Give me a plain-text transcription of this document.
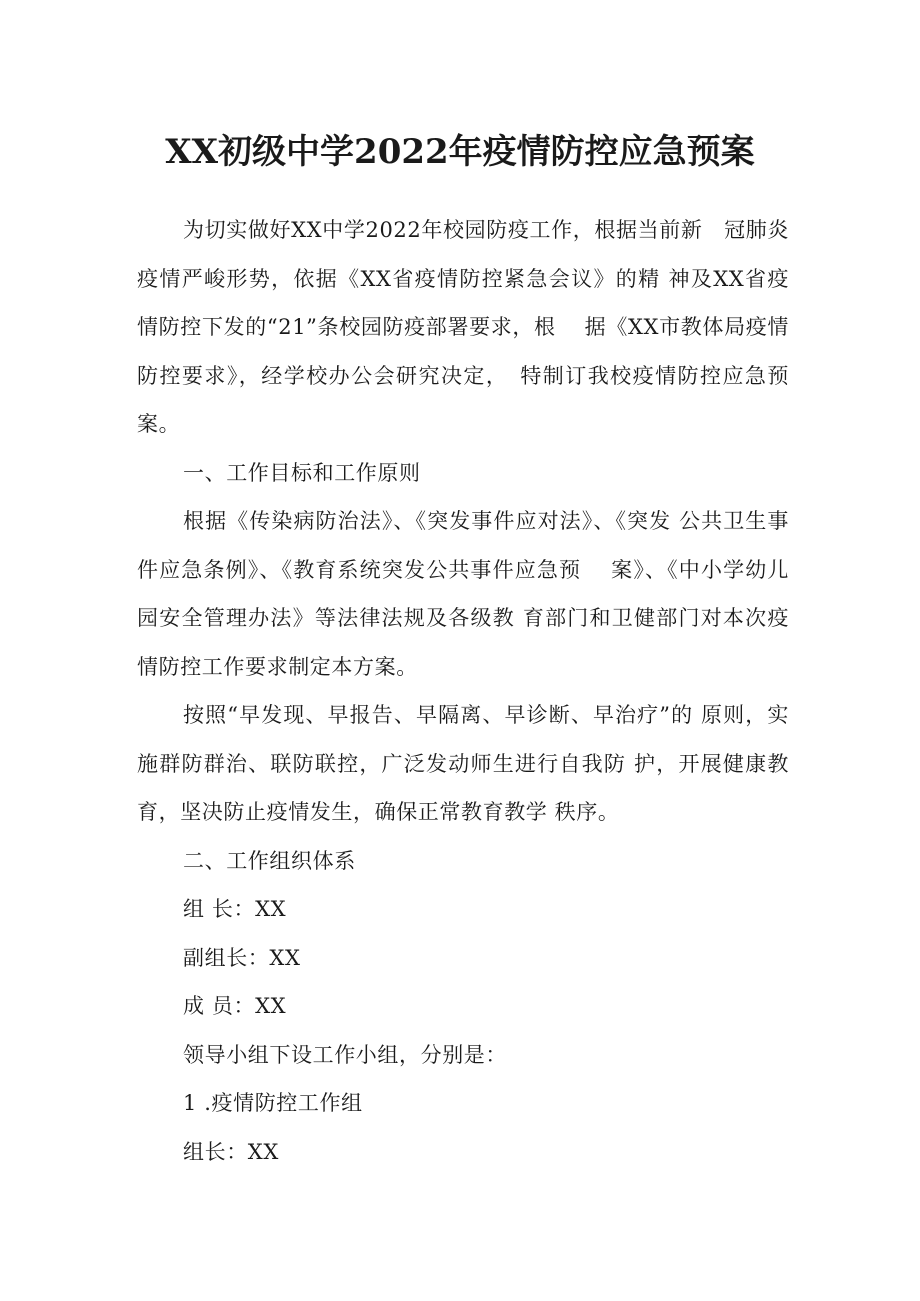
XX初级中学2022年疫情防控应急预案

为切实做好XX中学2022年校园防疫工作，根据当前新　冠肺炎疫情严峻形势，依据《XX省疫情防控紧急会议》的精 神及XX省疫情防控下发的“21”条校园防疫部署要求，根　 据《XX市教体局疫情防控要求》，经学校办公会研究决定，　特制订我校疫情防控应急预案。

一、工作目标和工作原则

根据《传染病防治法》、《突发事件应对法》、《突发 公共卫生事件应急条例》、《教育系统突发公共事件应急预　 案》、《中小学幼儿园安全管理办法》等法律法规及各级教 育部门和卫健部门对本次疫情防控工作要求制定本方案。

按照“早发现、早报告、早隔离、早诊断、早治疗”的 原则，实施群防群治、联防联控，广泛发动师生进行自我防 护，开展健康教育，坚决防止疫情发生，确保正常教育教学 秩序。

二、工作组织体系

组 长：XX

副组长：XX

成 员：XX

领导小组下设工作小组，分别是：

1 .疫情防控工作组

组长：XX
